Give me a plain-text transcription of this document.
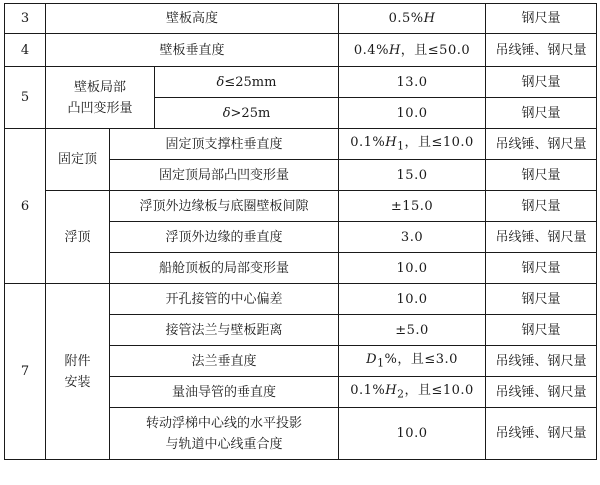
3	壁板高度			0.5%H	钢尺量
4	壁板垂直度			0.4%H，且≤50.0	吊线锤、钢尺量
5	壁板局部
凸凹变形量		δ≤25mm	13.0	钢尺量
			δ>25m	10.0	钢尺量
6	固定顶	固定顶支撑柱垂直度		$0.1\%H_1$，且≤10.0	吊线锤、钢尺量
		固定顶局部凸凹变形量		15.0	钢尺量
	浮顶	浮顶外边缘板与底圈壁板间隙		±15.0	钢尺量
		浮顶外边缘的垂直度		3.0	吊线锤、钢尺量
		船舱顶板的局部变形量		10.0	钢尺量
7	附件
安装	开孔接管的中心偏差		10.0	钢尺量
		接管法兰与壁板距离		±5.0	钢尺量
		法兰垂直度		$D_1\%$，且≤3.0	吊线锤、钢尺量
		量油导管的垂直度		$0.1\%H_2$，且≤10.0	吊线锤、钢尺量
		转动浮梯中心线的水平投影
与轨道中心线重合度		10.0	吊线锤、钢尺量
